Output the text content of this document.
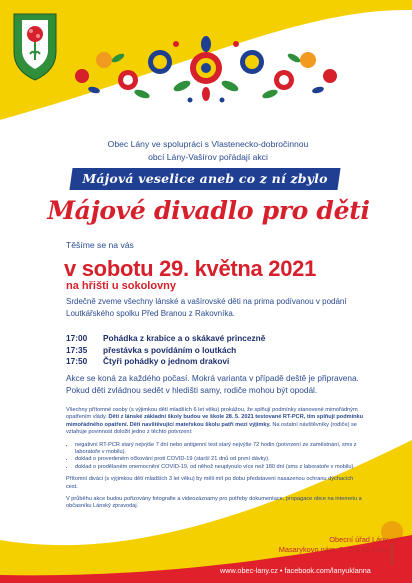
Obec Lány ve spolupráci s Vlastenecko-dobročinnou
obcí Lány-Vašírov pořádají akci
Májová veselice aneb co z ní zbylo
Májové divadlo pro děti
Těšíme se na vás
v sobotu 29. května 2021
na hřišti u sokolovny
Srdečně zveme všechny lánské a vašírovské děti na prima podívanou v podání Loutkářského spolku Před Branou z Rakovníka.
17:00	Pohádka z krabice a o skákavé princezně
17:35	přestávka s povídáním o loutkách
17:50	Čtyři pohádky o jednom drakovi
Akce se koná za každého počasí. Mokrá varianta v případě deště je připravena. Pokud děti zvládnou sedět v hledišti samy, rodiče mohou být opodál.

Všechny přítomné osoby (s výjimkou dětí mladších 6 let věku) prokážou, že splňují podmínky stanovené mimořádným opatřením vlády. Děti z lánské základní školy budou ve škole 28. 5. 2021 testované RT-PCR, tím splňují podmínku mimořádného opatření. Děti navštěvující mateřskou školu patří mezi výjimky. Na ostatní návštěvníky (rodiče) se vztahuje povinnost doložit jedno z těchto potvrzení:

• negativní RT-PCR starý nejvýše 7 dní nebo antigenní test starý nejvýše 72 hodin (potvrzení ze zaměstnání, sms z laboratoře v mobilu).
• doklad o provedeném očkování proti COVID-19 (starší 21 dnů od první dávky).
• doklad o prodělaném onemocnění COVID-19, od něhož neuplynulo více než 180 dní (sms z laboratoře v mobilu).

Přítomní diváci (s výjimkou dětí mladších 3 let věku) by měli mít po dobu představení nasazenou ochranu dýchacích cest.

V průběhu akce budou pořizovány fotografie a videozáznamy pro potřeby dokumentace, propagace obce na internetu a občasníku Lánský zpravodaj.

Obecní úřad Lány
Masarykovo nám. 9, 270 61 Lány
www.obec-lany.cz • facebook.com/lanyuklanna
